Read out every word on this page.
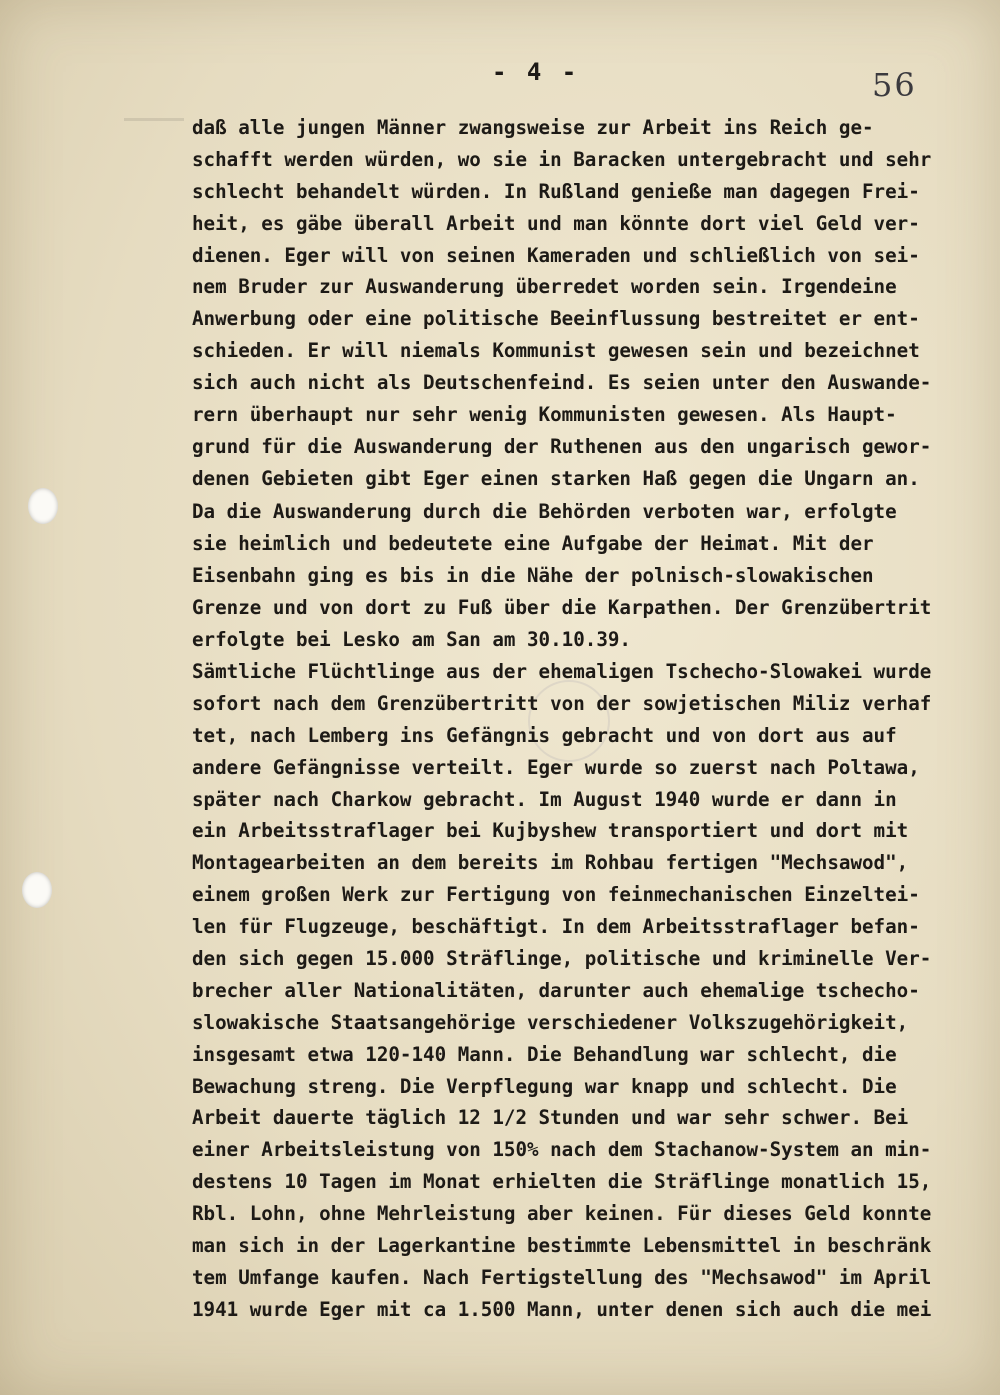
- 4 -	56
daß alle jungen Männer zwangsweise zur Arbeit ins Reich ge-
schafft werden würden, wo sie in Baracken untergebracht und sehr
schlecht behandelt würden. In Rußland genieße man dagegen Frei-
heit, es gäbe überall Arbeit und man könnte dort viel Geld ver-
dienen. Eger will von seinen Kameraden und schließlich von sei-
nem Bruder zur Auswanderung überredet worden sein. Irgendeine
Anwerbung oder eine politische Beeinflussung bestreitet er ent-
schieden. Er will niemals Kommunist gewesen sein und bezeichnet
sich auch nicht als Deutschenfeind. Es seien unter den Auswande-
rern überhaupt nur sehr wenig Kommunisten gewesen. Als Haupt-
grund für die Auswanderung der Ruthenen aus den ungarisch gewor-
denen Gebieten gibt Eger einen starken Haß gegen die Ungarn an.
Da die Auswanderung durch die Behörden verboten war, erfolgte
sie heimlich und bedeutete eine Aufgabe der Heimat. Mit der
Eisenbahn ging es bis in die Nähe der polnisch-slowakischen
Grenze und von dort zu Fuß über die Karpathen. Der Grenzübertrit
erfolgte bei Lesko am San am 30.10.39.
Sämtliche Flüchtlinge aus der ehemaligen Tschecho-Slowakei wurde
sofort nach dem Grenzübertritt von der sowjetischen Miliz verhaf
tet, nach Lemberg ins Gefängnis gebracht und von dort aus auf
andere Gefängnisse verteilt. Eger wurde so zuerst nach Poltawa,
später nach Charkow gebracht. Im August 1940 wurde er dann in
ein Arbeitsstraflager bei Kujbyshew transportiert und dort mit
Montagearbeiten an dem bereits im Rohbau fertigen "Mechsawod",
einem großen Werk zur Fertigung von feinmechanischen Einzeltei-
len für Flugzeuge, beschäftigt. In dem Arbeitsstraflager befan-
den sich gegen 15.000 Sträflinge, politische und kriminelle Ver-
brecher aller Nationalitäten, darunter auch ehemalige tschecho-
slowakische Staatsangehörige verschiedener Volkszugehörigkeit,
insgesamt etwa 120-140 Mann. Die Behandlung war schlecht, die
Bewachung streng. Die Verpflegung war knapp und schlecht. Die
Arbeit dauerte täglich 12 1/2 Stunden und war sehr schwer. Bei
einer Arbeitsleistung von 150% nach dem Stachanow-System an min-
destens 10 Tagen im Monat erhielten die Sträflinge monatlich 15,
Rbl. Lohn, ohne Mehrleistung aber keinen. Für dieses Geld konnte
man sich in der Lagerkantine bestimmte Lebensmittel in beschränk
tem Umfange kaufen. Nach Fertigstellung des "Mechsawod" im April
1941 wurde Eger mit ca 1.500 Mann, unter denen sich auch die mei
